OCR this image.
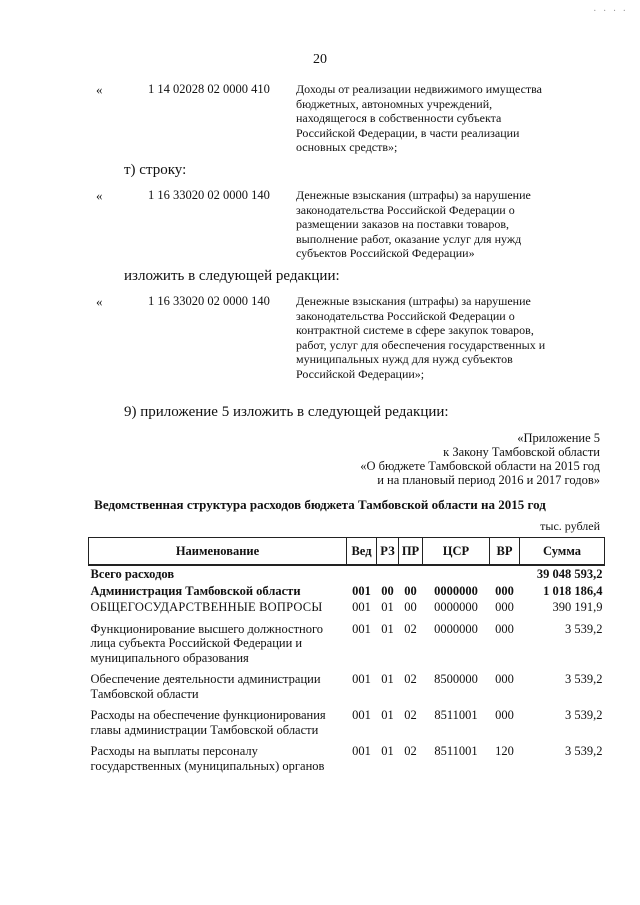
· · · ·
20
«	1 14 02028 02 0000 410 Доходы от реализации недвижимого имущества
бюджетных, автономных учреждений,
находящегося в собственности субъекта
Российской Федерации, в части реализации
основных средств»;
т) строку:
«	1 16 33020 02 0000 140 Денежные взыскания (штрафы) за нарушение
законодательства Российской Федерации о
размещении заказов на поставки товаров,
выполнение работ, оказание услуг для нужд
субъектов Российской Федерации»
изложить в следующей редакции:
«	1 16 33020 02 0000 140 Денежные взыскания (штрафы) за нарушение
законодательства Российской Федерации о
контрактной системе в сфере закупок товаров,
работ, услуг для обеспечения государственных и
муниципальных нужд для нужд субъектов
Российской Федерации»;
9) приложение 5 изложить в следующей редакции:
«Приложение 5
к Закону Тамбовской области
«О бюджете Тамбовской области на 2015 год
и на плановый период 2016 и 2017 годов»
Ведомственная структура расходов бюджета Тамбовской области на 2015 год
тыс. рублей
Наименование	Вед	РЗ	ПР	ЦСР	ВР	Сумма
Всего расходов						39 048 593,2
Администрация Тамбовской области	001	00	00	0000000	000	1 018 186,4
ОБЩЕГОСУДАРСТВЕННЫЕ ВОПРОСЫ	001	01	00	0000000	000	390 191,9
Функционирование высшего должностного лица субъекта Российской Федерации и муниципального образования	001	01	02	0000000	000	3 539,2
Обеспечение деятельности администрации Тамбовской области	001	01	02	8500000	000	3 539,2
Расходы на обеспечение функционирования главы администрации Тамбовской области	001	01	02	8511001	000	3 539,2
Расходы на выплаты персоналу государственных (муниципальных) органов	001	01	02	8511001	120	3 539,2
